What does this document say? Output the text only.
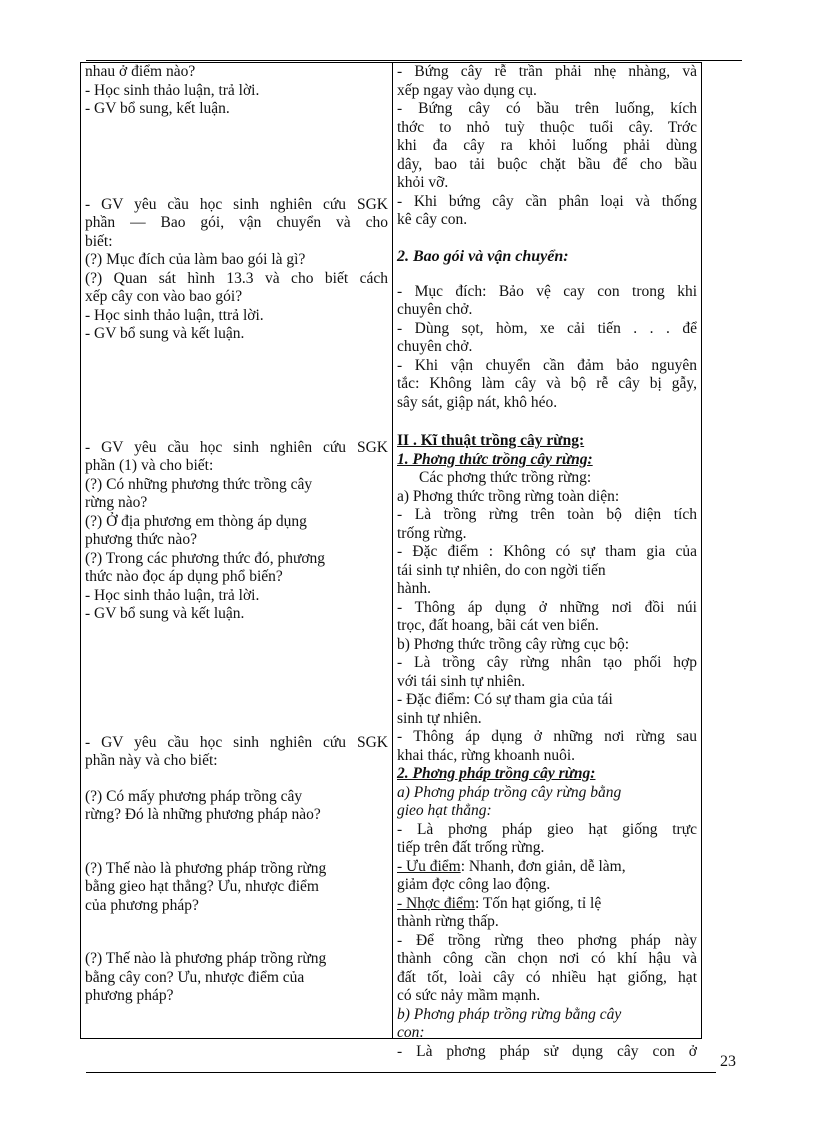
nhau ở điểm nào?
- Học sinh thảo luận, trả lời.
- GV bổ sung, kết luận.
- GV yêu cầu học sinh nghiên cứu SGK
phần — Bao gói, vận chuyển và cho
biết:
(?) Mục đích của làm bao gói là gì?
(?) Quan sát hình 13.3 và cho biết cách
xếp cây con vào bao gói?
- Học sinh thảo luận, ttrả lời.
- GV bổ sung và kết luận.
- GV yêu cầu học sinh nghiên cứu SGK
phần (1) và cho biết:
(?) Có những phương thức trồng cây
rừng nào?
(?) Ở địa phương em thòng áp dụng
phương thức nào?
(?) Trong các phương thức đó, phương
thức nào đọc áp dụng phổ biến?
- Học sinh thảo luận, trả lời.
- GV bổ sung và kết luận.
- GV yêu cầu học sinh nghiên cứu SGK
phần này và cho biết:
(?) Có mấy phương pháp trồng cây
rừng? Đó là những phương pháp nào?
(?) Thế nào là phương pháp trồng rừng
bằng gieo hạt thẳng? Ưu, nhược điểm
của phương pháp?
(?) Thế nào là phương pháp trồng rừng
bằng cây con? Ưu, nhược điểm của
phương pháp?

- Bứng cây rễ trần phải nhẹ nhàng, và
xếp ngay vào dụng cụ.
- Bứng cây có bầu trên luống, kích
thớc to nhỏ tuỳ thuộc tuổi cây. Trớc
khi đa cây ra khỏi luống phải dùng
dây, bao tải buộc chặt bầu để cho bầu
khỏi vỡ.
- Khi bứng cây cần phân loại và thống
kê cây con.
2. Bao gói và vận chuyển:
- Mục đích: Bảo vệ cay con trong khi
chuyên chở.
- Dùng sọt, hòm, xe cải tiến . . . để
chuyên chở.
- Khi vận chuyển cần đảm bảo nguyên
tắc: Không làm cây và bộ rễ cây bị gẫy,
sây sát, giập nát, khô héo.
II . Kĩ thuật trồng cây rừng:
1. Phơng thức trồng cây rừng:
Các phơng thức trồng rừng:
a) Phơng thức trồng rừng toàn diện:
- Là trồng rừng trên toàn bộ diện tích
trống rừng.
- Đặc điểm : Không có sự tham gia của
tái sinh tự nhiên, do con ngời tiến
hành.
- Thông áp dụng ở những nơi đồi núi
trọc, đất hoang, bãi cát ven biển.
b) Phơng thức trồng cây rừng cục bộ:
- Là trồng cây rừng nhân tạo phối hợp
với tái sinh tự nhiên.
- Đặc điểm: Có sự tham gia của tái
sinh tự nhiên.
- Thông áp dụng ở những nơi rừng sau
khai thác, rừng khoanh nuôi.
2. Phơng pháp trồng cây rừng:
a) Phơng pháp trồng cây rừng bằng
gieo hạt thẳng:
- Là phơng pháp gieo hạt giống trực
tiếp trên đất trống rừng.
- Ưu điểm: Nhanh, đơn giản, dễ làm,
giảm đợc công lao động.
- Nhợc điểm: Tốn hạt giống, tỉ lệ
thành rừng thấp.
- Để trồng rừng theo phơng pháp này
thành công cần chọn nơi có khí hậu và
đất tốt, loài cây có nhiều hạt giống, hạt
có sức nảy mầm mạnh.
b) Phơng pháp trồng rừng bằng cây
con:
- Là phơng pháp sử dụng cây con ở
23
